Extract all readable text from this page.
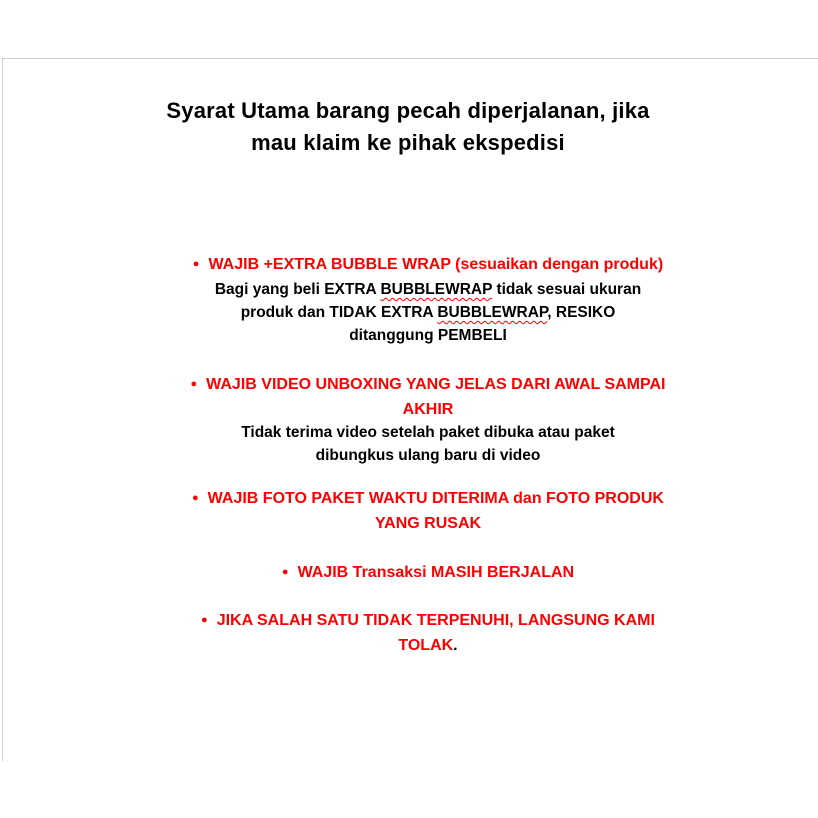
Syarat Utama barang pecah diperjalanan, jika
mau klaim ke pihak ekspedisi
● WAJIB +EXTRA BUBBLE WRAP (sesuaikan dengan produk)
Bagi yang beli EXTRA BUBBLEWRAP tidak sesuai ukuran
produk dan TIDAK EXTRA BUBBLEWRAP, RESIKO
ditanggung PEMBELI
● WAJIB VIDEO UNBOXING YANG JELAS DARI AWAL SAMPAI
AKHIR
Tidak terima video setelah paket dibuka atau paket
dibungkus ulang baru di video
● WAJIB FOTO PAKET WAKTU DITERIMA dan FOTO PRODUK
YANG RUSAK
● WAJIB Transaksi MASIH BERJALAN
● JIKA SALAH SATU TIDAK TERPENUHI, LANGSUNG KAMI
TOLAK.
